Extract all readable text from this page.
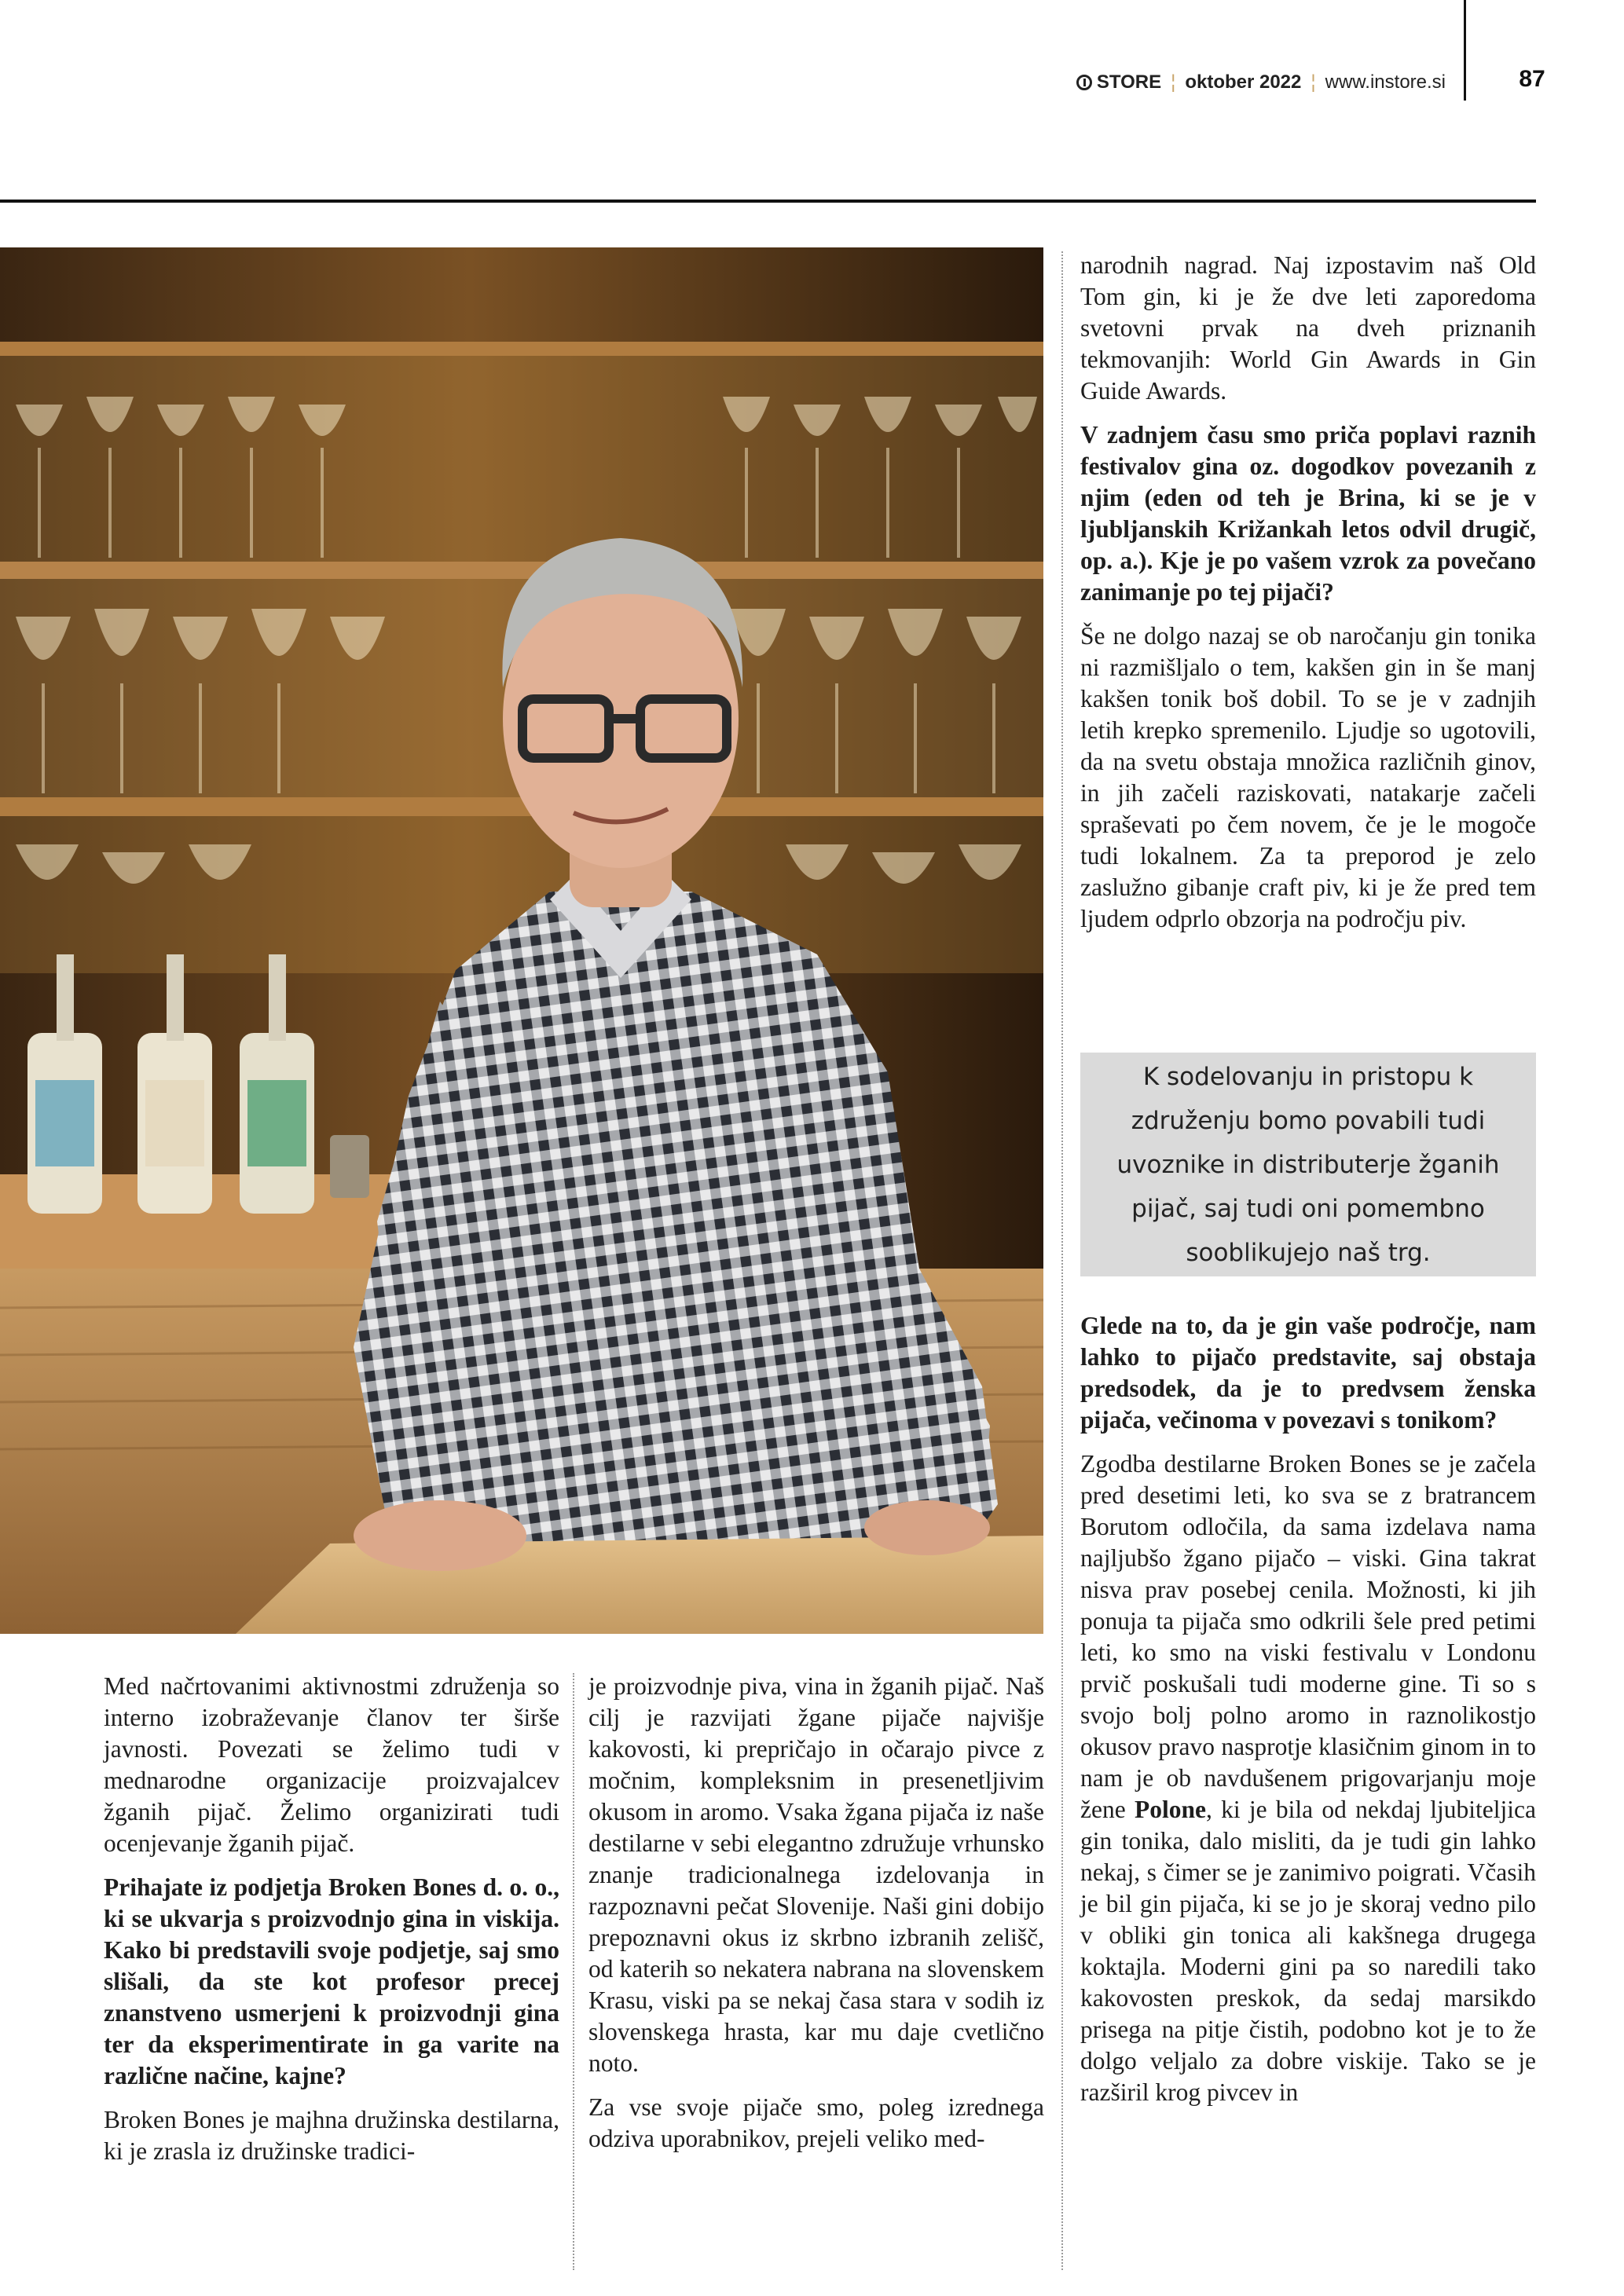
STORE ¦ oktober 2022 ¦ www.instore.si	87

narodnih nagrad. Naj izpostavim naš Old Tom gin, ki je že dve leti zaporedoma svetovni prvak na dveh priznanih tekmovanjih: World Gin Awards in Gin Guide Awards.

V zadnjem času smo priča poplavi raznih festivalov gina oz. dogodkov povezanih z njim (eden od teh je Brina, ki se je v ljubljanskih Križankah letos odvil drugič, op. a.). Kje je po vašem vzrok za povečano zanimanje po tej pijači?

Še ne dolgo nazaj se ob naročanju gin tonika ni razmišljalo o tem, kakšen gin in še manj kakšen tonik boš dobil. To se je v zadnjih letih krepko spremenilo. Ljudje so ugotovili, da na svetu obstaja množica različnih ginov, in jih začeli raziskovati, natakarje začeli spraševati po čem novem, če je le mogoče tudi lokalnem. Za ta preporod je zelo zaslužno gibanje craft piv, ki je že pred tem ljudem odprlo obzorja na področju piv.

K sodelovanju in pristopu k združenju bomo povabili tudi uvoznike in distributerje žganih pijač, saj tudi oni pomembno sooblikujejo naš trg.

Glede na to, da je gin vaše področje, nam lahko to pijačo predstavite, saj obstaja predsodek, da je to predvsem ženska pijača, večinoma v povezavi s tonikom?

Zgodba destilarne Broken Bones se je začela pred desetimi leti, ko sva se z bratrancem Borutom odločila, da sama izdelava nama najljubšo žgano pijačo – viski. Gina takrat nisva prav posebej cenila. Možnosti, ki jih ponuja ta pijača smo odkrili šele pred petimi leti, ko smo na viski festivalu v Londonu prvič poskušali tudi moderne gine. Ti so s svojo bolj polno aromo in raznolikostjo okusov pravo nasprotje klasičnim ginom in to nam je ob navdušenem prigovarjanju moje žene Polone, ki je bila od nekdaj ljubiteljica gin tonika, dalo misliti, da je tudi gin lahko nekaj, s čimer se je zanimivo poigrati. Včasih je bil gin pijača, ki se jo je skoraj vedno pilo v obliki gin tonica ali kakšnega drugega koktajla. Moderni gini pa so naredili tako kakovosten preskok, da sedaj marsikdo prisega na pitje čistih, podobno kot je to že dolgo veljalo za dobre viskije. Tako se je razširil krog pivcev in

Med načrtovanimi aktivnostmi združenja so interno izobraževanje članov ter širše javnosti. Povezati se želimo tudi v mednarodne organizacije proizvajalcev žganih pijač. Želimo organizirati tudi ocenjevanje žganih pijač.

Prihajate iz podjetja Broken Bones d. o. o., ki se ukvarja s proizvodnjo gina in viskija. Kako bi predstavili svoje podjetje, saj smo slišali, da ste kot profesor precej znanstveno usmerjeni k proizvodnji gina ter da eksperimentirate in ga varite na različne načine, kajne?

Broken Bones je majhna družinska destilarna, ki je zrasla iz družinske tradici-

je proizvodnje piva, vina in žganih pijač. Naš cilj je razvijati žgane pijače najvišje kakovosti, ki prepričajo in očarajo pivce z močnim, kompleksnim in presenetljivim okusom in aromo. Vsaka žgana pijača iz naše destilarne v sebi elegantno združuje vrhunsko znanje tradicionalnega izdelovanja in razpoznavni pečat Slovenije. Naši gini dobijo prepoznavni okus iz skrbno izbranih zelišč, od katerih so nekatera nabrana na slovenskem Krasu, viski pa se nekaj časa stara v sodih iz slovenskega hrasta, kar mu daje cvetlično noto.

Za vse svoje pijače smo, poleg izrednega odziva uporabnikov, prejeli veliko med-
